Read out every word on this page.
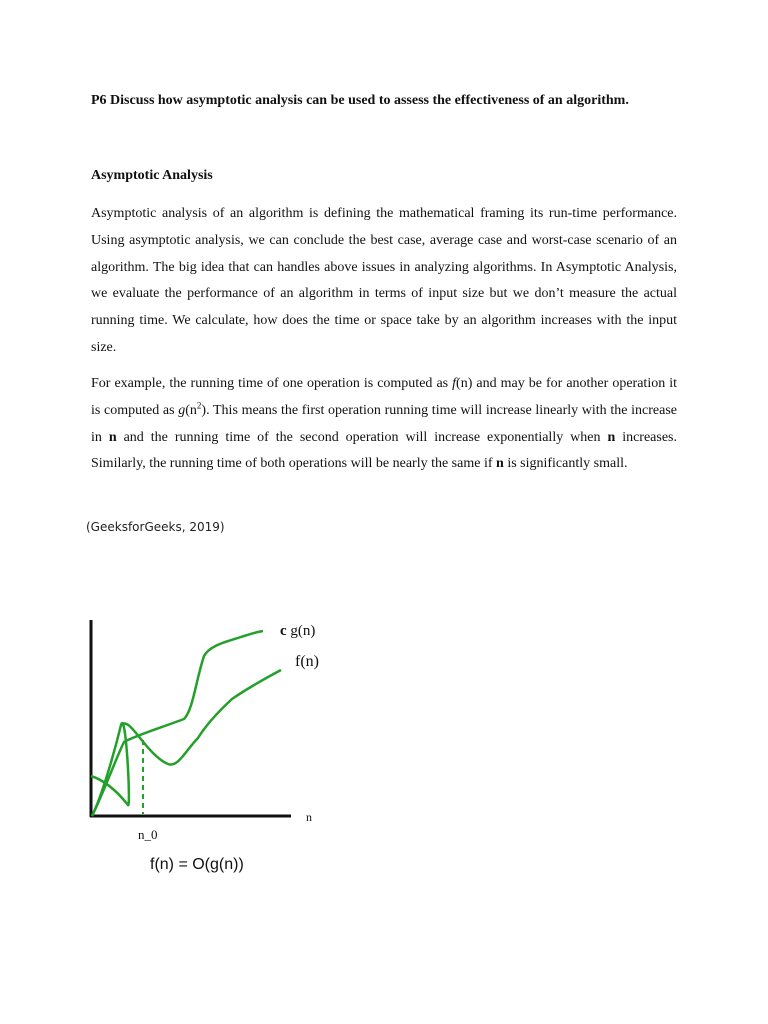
P6 Discuss how asymptotic analysis can be used to assess the effectiveness of an algorithm.
Asymptotic Analysis

Asymptotic analysis of an algorithm is defining the mathematical framing its run-time performance. Using asymptotic analysis, we can conclude the best case, average case and worst-case scenario of an algorithm. The big idea that can handles above issues in analyzing algorithms. In Asymptotic Analysis, we evaluate the performance of an algorithm in terms of input size but we don’t measure the actual running time. We calculate, how does the time or space take by an algorithm increases with the input size.

For example, the running time of one operation is computed as f(n) and may be for another operation it is computed as $g(n^2)$. This means the first operation running time will increase linearly with the increase in n and the running time of the second operation will increase exponentially when n increases. Similarly, the running time of both operations will be nearly the same if n is significantly small.

(GeeksforGeeks, 2019)
c g(n)
f(n)
n
n_0
f(n) = O(g(n))
